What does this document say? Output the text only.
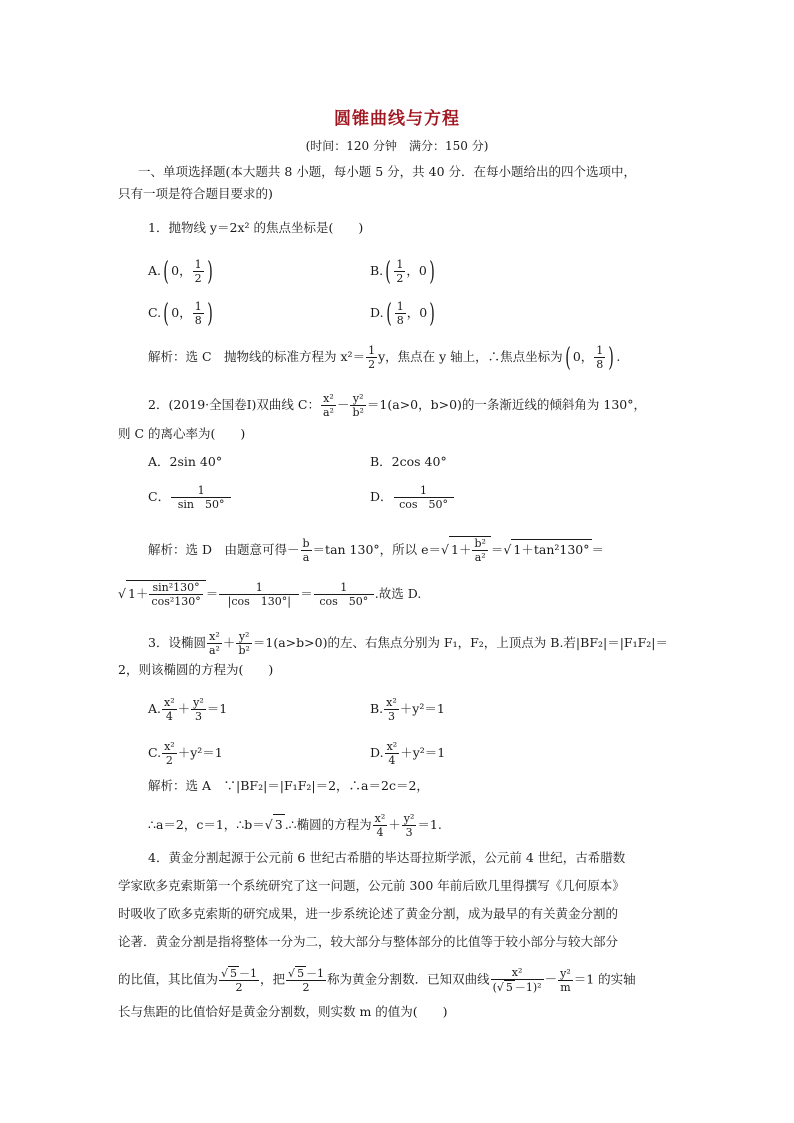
圆锥曲线与方程
(时间：120 分钟　满分：150 分)
一、单项选择题(本大题共 8 小题，每小题 5 分，共 40 分．在每小题给出的四个选项中，
只有一项是符合题目要求的)
1．抛物线 y＝2x² 的焦点坐标是(　　)
A.( 0， $\frac{1}{2}$ )	$B.( \frac{1}{2}$ ，0)
C.( 0， $\frac{1}{8}$ )	$D.( \frac{1}{8}$ ，0)
解析：选 C　抛物线的标准方程为 $x^2= \frac{1}{2}$ y，焦点在 y 轴上，∴焦点坐标为( 0， $\frac{1}{8}$ ) .
2．(2019·全国卷Ⅰ)双曲线 C： $\frac{\text{x²}}{\text{a²}} - \frac{\text{y²}}{\text{b²}} =1(a>0$，b>0)的一条渐近线的倾斜角为 130°，
则 C 的离心率为(　　)
A．2sin 40°	B．2cos 40°
C． $\frac{1}{\sin 50^\circ}$	D． $\frac{1}{\cos 50^\circ}$
解析：选 D　由题意可得－ $\frac{b}{a} =\tan$ 130°，所以 e＝√ $1+ \frac{\text{b²}}{\text{a²}}$ ＝√ 1＋tan²130° ＝
√ $1+ \frac{\text{sin²130°}}{\text{cos²130°}} = \frac{1}{|\cos 130^\circ|} = \frac{1}{\cos 50^\circ}$ .故选 D.
3．设椭圆 $\frac{\text{x²}}{\text{a²}} + \frac{\text{y²}}{\text{b²}} =1(a>b>0)$的左、右焦点分别为 F₁，F₂，上顶点为 B.若|BF₂|＝|F₁F₂|＝
2，则该椭圆的方程为(　　)
A. $\frac{\text{x²}}{4} + \frac{\text{y²}}{3} =1$	B. $\frac{\text{x²}}{3} +y^2=1$
C. $\frac{\text{x²}}{2} +y^2=1$	D. $\frac{\text{x²}}{4} +y^2=1$
解析：选 A　∵|BF₂|＝|F₁F₂|＝2，∴a＝2c＝2，
∴a＝2，c＝1，∴b＝√ 3 .∴椭圆的方程为 $\frac{\text{x²}}{4} + \frac{\text{y²}}{3} =1$.
4．黄金分割起源于公元前 6 世纪古希腊的毕达哥拉斯学派，公元前 4 世纪，古希腊数
学家欧多克索斯第一个系统研究了这一问题，公元前 300 年前后欧几里得撰写《几何原本》
时吸收了欧多克索斯的研究成果，进一步系统论述了黄金分割，成为最早的有关黄金分割的
论著．黄金分割是指将整体一分为二，较大部分与整体部分的比值等于较小部分与较大部分
的比值，其比值为 $\frac{√ 5 -1}{2}$ ，把 $\frac{√ 5 -1}{2}$ 称为黄金分割数．已知双曲线 $\frac{\text{x²}}{\text{(√ 5 －1)²}} - \frac{\text{y²}}{m} =1$ 的实轴
长与焦距的比值恰好是黄金分割数，则实数 m 的值为(　　)
